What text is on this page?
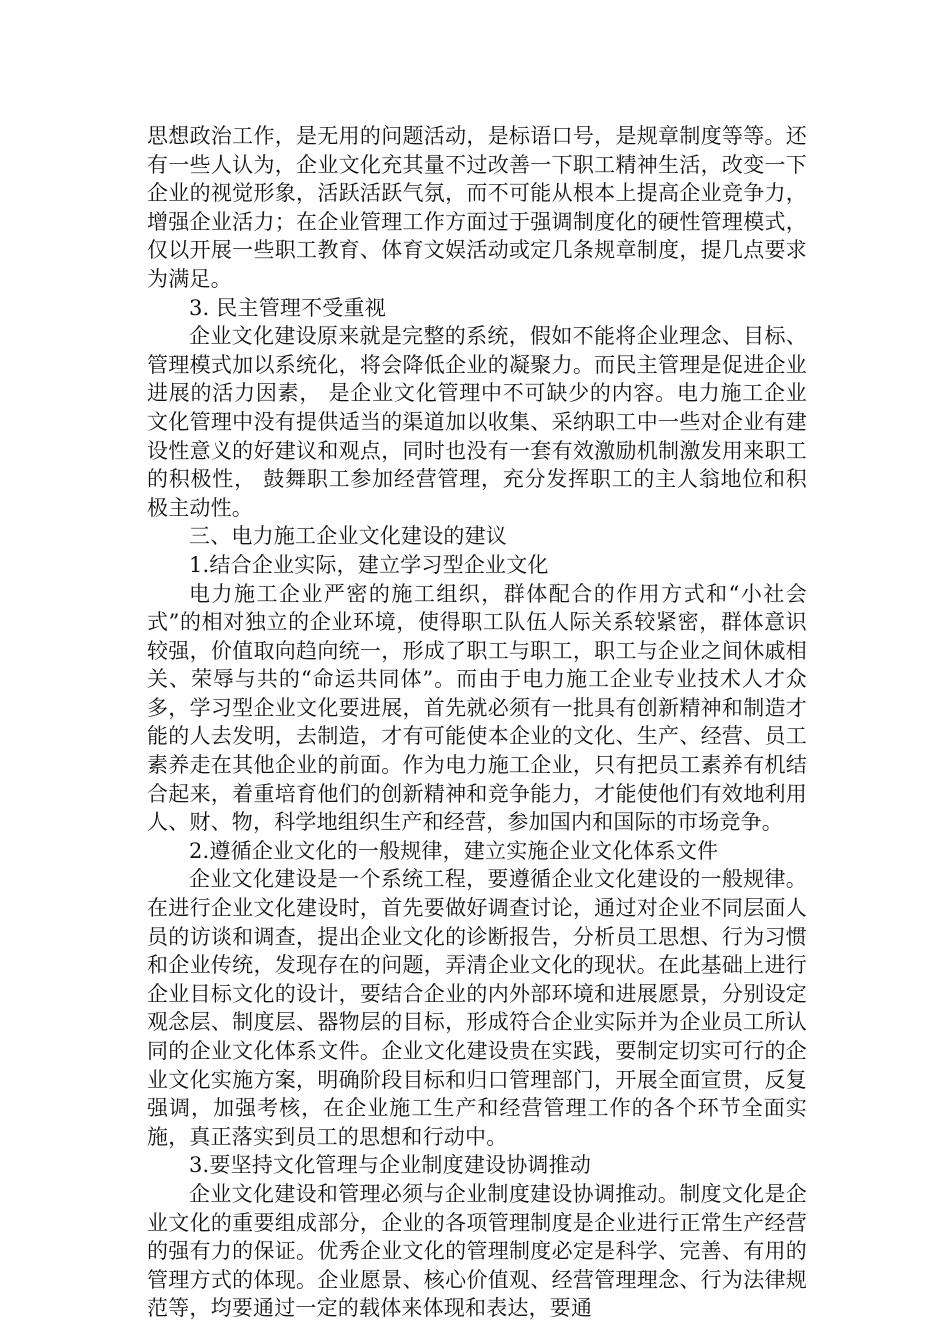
思想政治工作，是无用的问题活动，是标语口号，是规章制度等等。还有一些人认为，企业文化充其量不过改善一下职工精神生活，改变一下企业的视觉形象，活跃活跃气氛，而不可能从根本上提高企业竞争力，增强企业活力；在企业管理工作方面过于强调制度化的硬性管理模式，仅以开展一些职工教育、体育文娱活动或定几条规章制度，提几点要求为满足。

3. 民主管理不受重视

企业文化建设原来就是完整的系统，假如不能将企业理念、目标、管理模式加以系统化，将会降低企业的凝聚力。而民主管理是促进企业进展的活力因素， 是企业文化管理中不可缺少的内容。电力施工企业文化管理中没有提供适当的渠道加以收集、采纳职工中一些对企业有建设性意义的好建议和观点，同时也没有一套有效激励机制激发用来职工的积极性， 鼓舞职工参加经营管理，充分发挥职工的主人翁地位和积极主动性。

三、电力施工企业文化建设的建议

1.结合企业实际，建立学习型企业文化

电力施工企业严密的施工组织，群体配合的作用方式和“小社会式”的相对独立的企业环境，使得职工队伍人际关系较紧密，群体意识较强，价值取向趋向统一，形成了职工与职工，职工与企业之间休戚相关、荣辱与共的“命运共同体”。而由于电力施工企业专业技术人才众多，学习型企业文化要进展，首先就必须有一批具有创新精神和制造才能的人去发明，去制造，才有可能使本企业的文化、生产、经营、员工素养走在其他企业的前面。作为电力施工企业，只有把员工素养有机结合起来，着重培育他们的创新精神和竞争能力，才能使他们有效地利用人、财、物，科学地组织生产和经营，参加国内和国际的市场竞争。

2.遵循企业文化的一般规律，建立实施企业文化体系文件

企业文化建设是一个系统工程，要遵循企业文化建设的一般规律。在进行企业文化建设时，首先要做好调查讨论，通过对企业不同层面人员的访谈和调查，提出企业文化的诊断报告，分析员工思想、行为习惯和企业传统，发现存在的问题，弄清企业文化的现状。在此基础上进行企业目标文化的设计，要结合企业的内外部环境和进展愿景，分别设定观念层、制度层、器物层的目标，形成符合企业实际并为企业员工所认同的企业文化体系文件。企业文化建设贵在实践，要制定切实可行的企业文化实施方案，明确阶段目标和归口管理部门，开展全面宣贯，反复强调，加强考核，在企业施工生产和经营管理工作的各个环节全面实施，真正落实到员工的思想和行动中。

3.要坚持文化管理与企业制度建设协调推动

企业文化建设和管理必须与企业制度建设协调推动。制度文化是企业文化的重要组成部分，企业的各项管理制度是企业进行正常生产经营的强有力的保证。优秀企业文化的管理制度必定是科学、完善、有用的管理方式的体现。企业愿景、核心价值观、经营管理理念、行为法律规范等，均要通过一定的载体来体现和表达，要通
